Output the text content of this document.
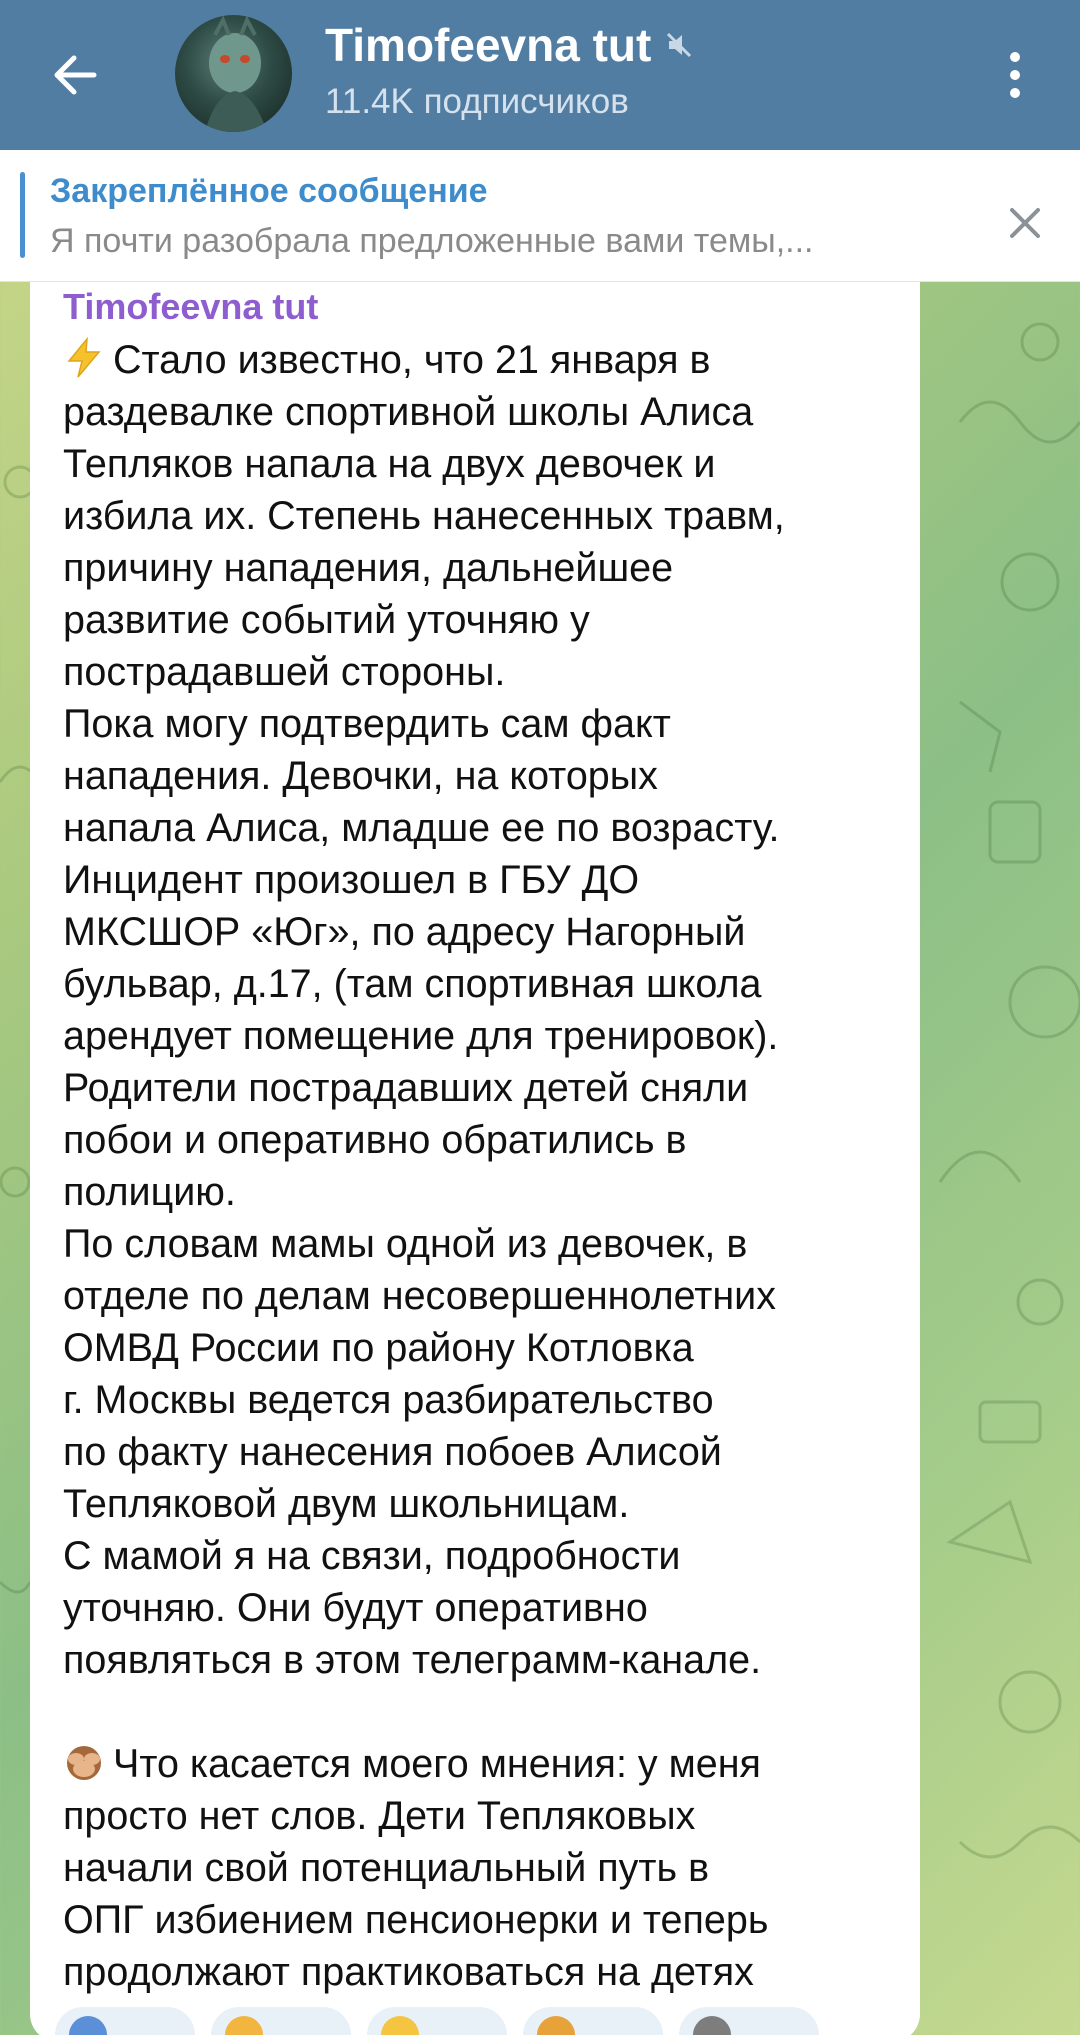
Timofeevna tut
11.4K подписчиков
Закреплённое сообщение
Я почти разобрала предложенные вами темы,...
Timofeevna tut

Стало известно, что 21 января в

раздевалке спортивной школы Алиса

Тепляков напала на двух девочек и

избила их. Степень нанесенных травм,

причину нападения, дальнейшее

развитие событий уточняю у

пострадавшей стороны.

Пока могу подтвердить сам факт

нападения. Девочки, на которых

напала Алиса, младше ее по возрасту.

Инцидент произошел в ГБУ ДО

МКСШОР «Юг», по адресу Нагорный

бульвар, д.17, (там спортивная школа

арендует помещение для тренировок).

Родители пострадавших детей сняли

побои и оперативно обратились в

полицию.

По словам мамы одной из девочек, в

отделе по делам несовершеннолетних

ОМВД России по району Котловка

г. Москвы ведется разбирательство

по факту нанесения побоев Алисой

Тепляковой двум школьницам.

С мамой я на связи, подробности

уточняю. Они будут оперативно

появляться в этом телеграмм-канале.

Что касается моего мнения: у меня

просто нет слов. Дети Тепляковых

начали свой потенциальный путь в

ОПГ избиением пенсионерки и теперь

продолжают практиковаться на детях
